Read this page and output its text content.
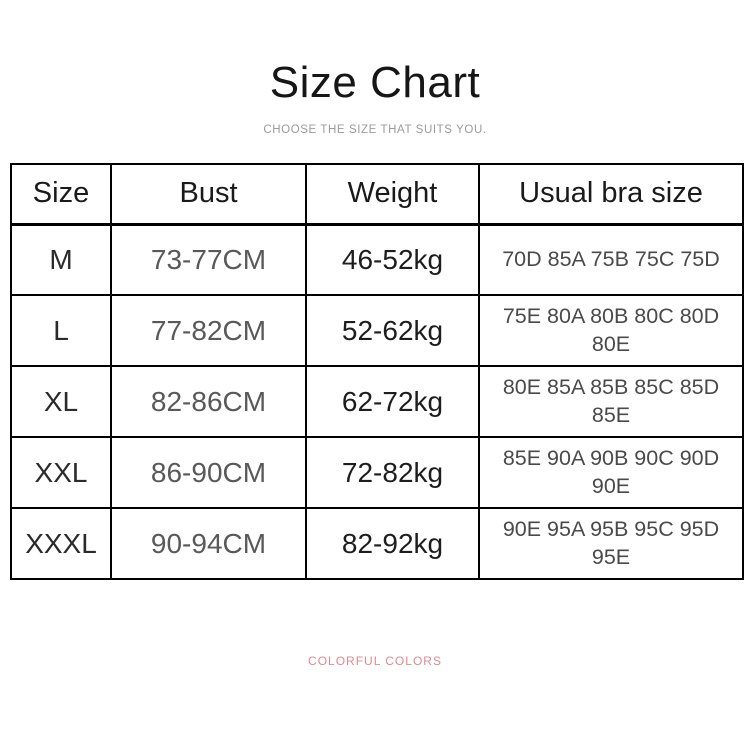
Size Chart
CHOOSE THE SIZE THAT SUITS YOU.
Size	Bust	Weight	Usual bra size
M	73-77CM	46-52kg	70D 85A 75B 75C 75D
L	77-82CM	52-62kg	75E 80A 80B 80C 80D 80E
XL	82-86CM	62-72kg	80E 85A 85B 85C 85D 85E
XXL	86-90CM	72-82kg	85E 90A 90B 90C 90D 90E
XXXL	90-94CM	82-92kg	90E 95A 95B 95C 95D 95E
COLORFUL COLORS
